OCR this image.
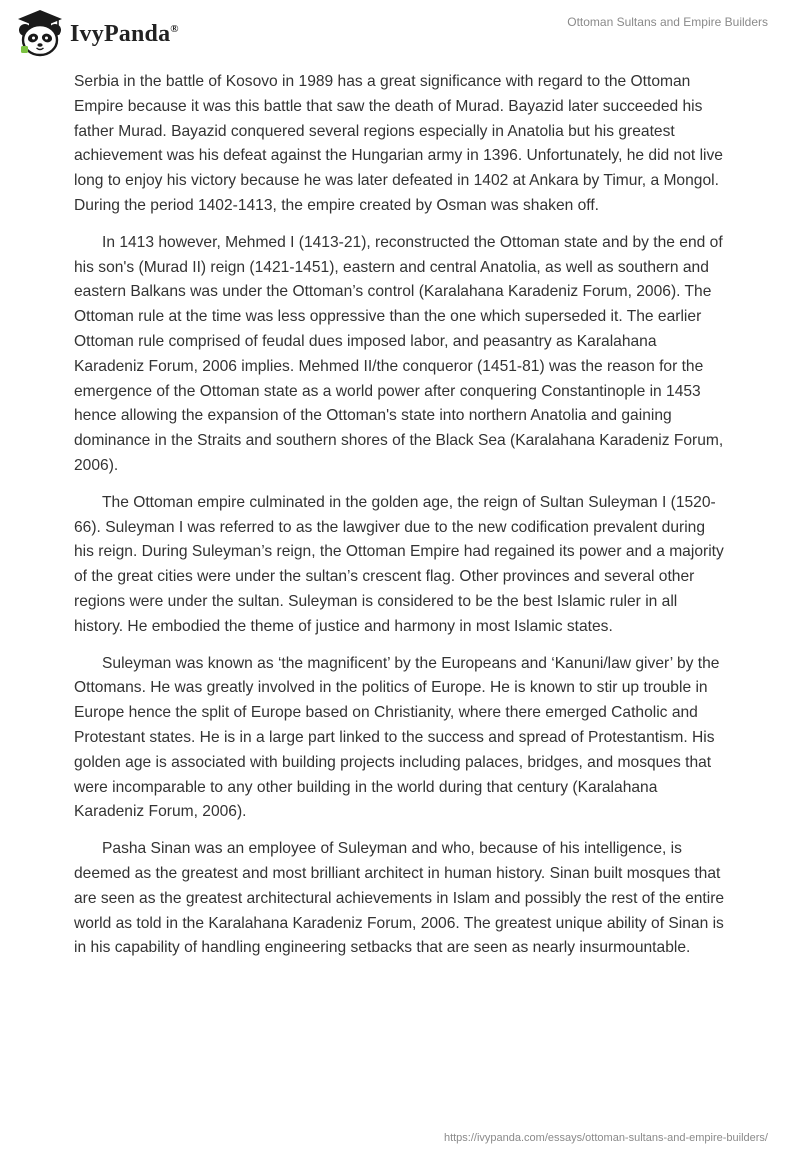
IvyPanda®	Ottoman Sultans and Empire Builders

Serbia in the battle of Kosovo in 1989 has a great significance with regard to the Ottoman Empire because it was this battle that saw the death of Murad. Bayazid later succeeded his father Murad. Bayazid conquered several regions especially in Anatolia but his greatest achievement was his defeat against the Hungarian army in 1396. Unfortunately, he did not live long to enjoy his victory because he was later defeated in 1402 at Ankara by Timur, a Mongol. During the period 1402-1413, the empire created by Osman was shaken off.

In 1413 however, Mehmed I (1413-21), reconstructed the Ottoman state and by the end of his son's (Murad II) reign (1421-1451), eastern and central Anatolia, as well as southern and eastern Balkans was under the Ottoman’s control (Karalahana Karadeniz Forum, 2006). The Ottoman rule at the time was less oppressive than the one which superseded it. The earlier Ottoman rule comprised of feudal dues imposed labor, and peasantry as Karalahana Karadeniz Forum, 2006 implies. Mehmed II/the conqueror (1451-81) was the reason for the emergence of the Ottoman state as a world power after conquering Constantinople in 1453 hence allowing the expansion of the Ottoman's state into northern Anatolia and gaining dominance in the Straits and southern shores of the Black Sea (Karalahana Karadeniz Forum, 2006).

The Ottoman empire culminated in the golden age, the reign of Sultan Suleyman I (1520-66). Suleyman I was referred to as the lawgiver due to the new codification prevalent during his reign. During Suleyman’s reign, the Ottoman Empire had regained its power and a majority of the great cities were under the sultan’s crescent flag. Other provinces and several other regions were under the sultan. Suleyman is considered to be the best Islamic ruler in all history. He embodied the theme of justice and harmony in most Islamic states.

Suleyman was known as ‘the magnificent’ by the Europeans and ‘Kanuni/law giver’ by the Ottomans. He was greatly involved in the politics of Europe. He is known to stir up trouble in Europe hence the split of Europe based on Christianity, where there emerged Catholic and Protestant states. He is in a large part linked to the success and spread of Protestantism. His golden age is associated with building projects including palaces, bridges, and mosques that were incomparable to any other building in the world during that century (Karalahana Karadeniz Forum, 2006).

Pasha Sinan was an employee of Suleyman and who, because of his intelligence, is deemed as the greatest and most brilliant architect in human history. Sinan built mosques that are seen as the greatest architectural achievements in Islam and possibly the rest of the entire world as told in the Karalahana Karadeniz Forum, 2006. The greatest unique ability of Sinan is in his capability of handling engineering setbacks that are seen as nearly insurmountable.

https://ivypanda.com/essays/ottoman-sultans-and-empire-builders/
